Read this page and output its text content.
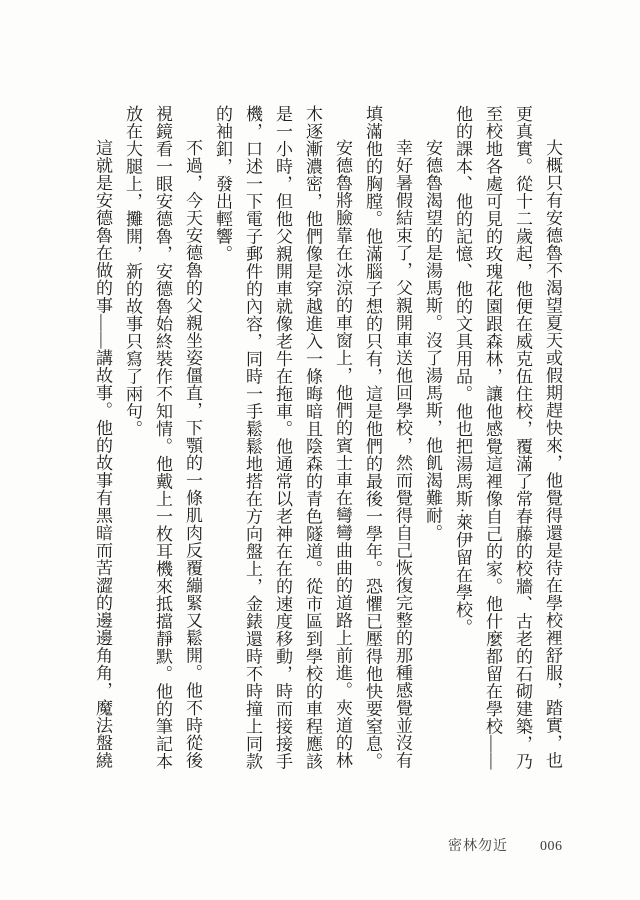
大概只有安德魯不渴望夏天或假期趕快來，他覺得還是待在學校裡舒服，踏實，也更真實。從十二歲起，他便在威克伍住校，覆滿了常春藤的校牆、古老的石砌建築，乃至校地各處可見的玫瑰花園跟森林，讓他感覺這裡像自己的家。他什麼都留在學校——他的課本、他的記憶、他的文具用品。他也把湯馬斯·萊伊留在學校。

安德魯渴望的是湯馬斯。沒了湯馬斯，他飢渴難耐。

幸好暑假結束了，父親開車送他回學校，然而覺得自己恢復完整的那種感覺並沒有填滿他的胸膛。他滿腦子想的只有，這是他們的最後一學年。恐懼已壓得他快要窒息。

安德魯將臉靠在冰涼的車窗上，他們的賓士車在彎彎曲曲的道路上前進。夾道的林木逐漸濃密，他們像是穿越進入一條晦暗且陰森的青色隧道。從市區到學校的車程應該是一小時，但他父親開車就像老牛在拖車。他通常以老神在在的速度移動，時而接接手機，口述一下電子郵件的內容，同時一手鬆鬆地搭在方向盤上，金錶還時不時撞上同款的袖釦，發出輕響。

不過，今天安德魯的父親坐姿僵直，下顎的一條肌肉反覆繃緊又鬆開。他不時從後視鏡看一眼安德魯，安德魯始終裝作不知情。他戴上一枚耳機來抵擋靜默。他的筆記本放在大腿上，攤開，新的故事只寫了兩句。

這就是安德魯在做的事——講故事。他的故事有黑暗而苦澀的邊邊角角，魔法盤繞

密林勿近 006
